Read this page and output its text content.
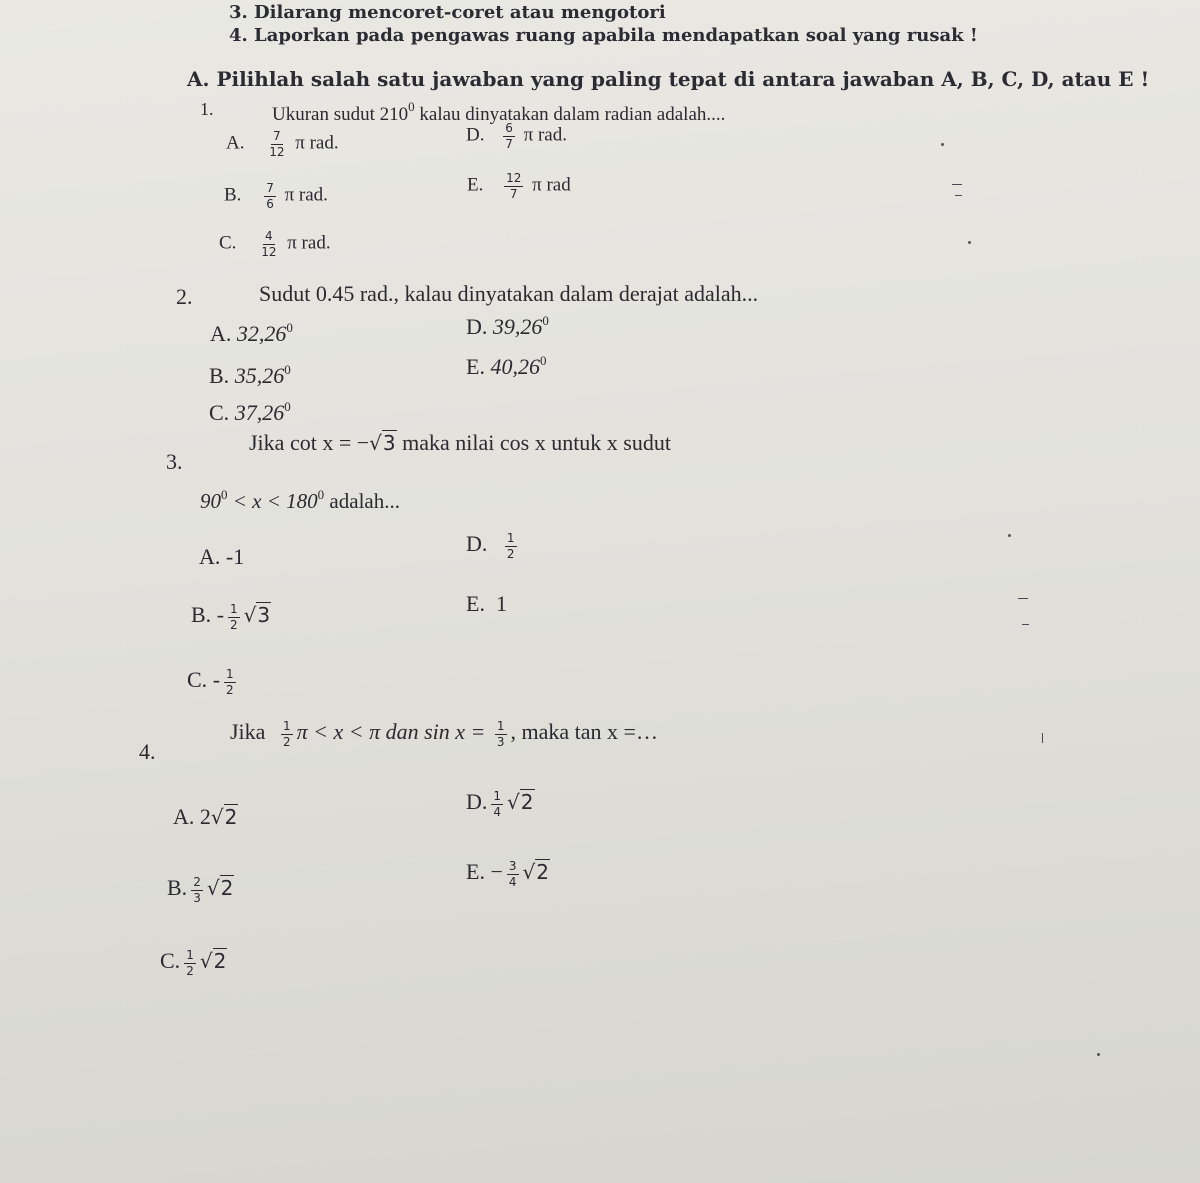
3. Dilarang mencoret-coret atau mengotori
4. Laporkan pada pengawas ruang apabila mendapatkan soal yang rusak !
A. Pilihlah salah satu jawaban yang paling tepat di antara jawaban A, B, C, D, atau E !
1.	Ukuran sudut $210^0$ kalau dinyatakan dalam radian adalah....
A. $\frac{7}{12}$ π rad.	D. $\frac{6}{7}$ π rad.
B. $\frac{7}{6}$ π rad.	E. $\frac{12}{7}$ π rad
C. $\frac{4}{12}$ π rad.
2.	Sudut 0.45 rad., kalau dinyatakan dalam derajat adalah...
A. 32,26$^0$	D. 39,26$^0$
B. 35,26$^0$	E. 40,26$^0$
C. 37,26$^0$
3.
Jika cot x = −√3 maka nilai cos x untuk x sudut
$90^0 < x < 180^0$ adalah...
A. -1
D. $\frac{1}{2}$
B. - $\frac{1}{2} √3$	E. 1
C. - $\frac{1}{2}$
4.
Jika $\frac{1}{2}$ π < x < π dan $\sin x = \frac{1}{3}$ , maka tan x =…
A. 2√2
D. $\frac{1}{4} √2$
B. $\frac{2}{3} √2$
E. − $\frac{3}{4} √2$
C. $\frac{1}{2} √2$
